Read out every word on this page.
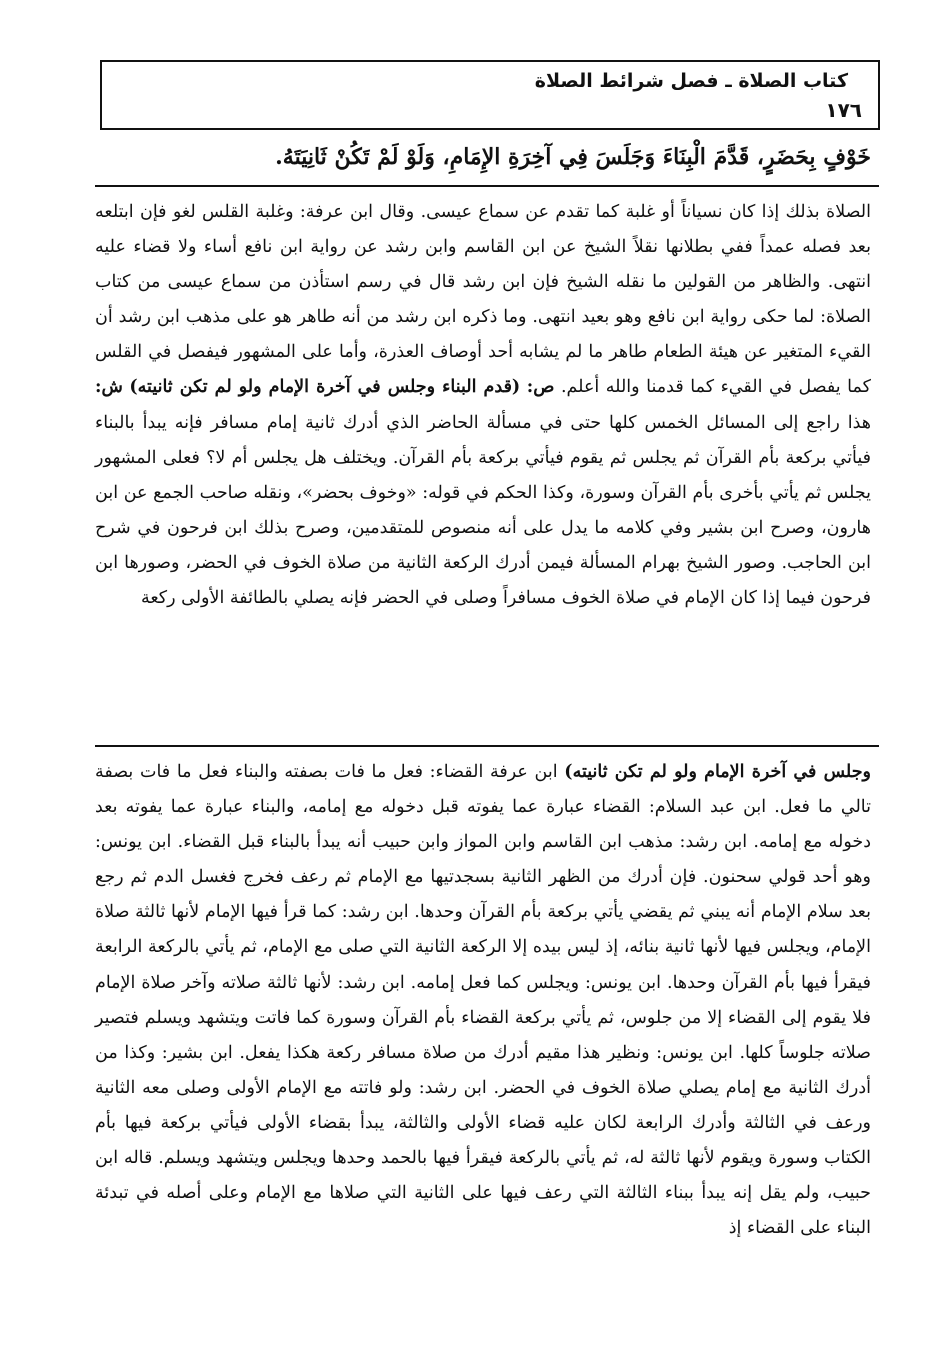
كتاب الصلاة ـ فصل شرائط الصلاة
١٧٦
خَوْفٍ بِحَضَرٍ، قَدَّمَ الْبِنَاءَ وَجَلَسَ فِي آخِرَةِ الإِمَامِ، وَلَوْ لَمْ تَكُنْ ثَانِيَتَهُ.

الصلاة بذلك إذا كان نسياناً أو غلبة كما تقدم عن سماع عيسى. وقال ابن عرفة: وغلبة القلس لغو فإن ابتلعه بعد فصله عمداً ففي بطلانها نقلاً الشيخ عن ابن القاسم وابن رشد عن رواية ابن نافع أساء ولا قضاء عليه انتهى. والظاهر من القولين ما نقله الشيخ فإن ابن رشد قال في رسم استأذن من سماع عيسى من كتاب الصلاة: لما حكى رواية ابن نافع وهو بعيد انتهى. وما ذكره ابن رشد من أنه طاهر هو على مذهب ابن رشد أن القيء المتغير عن هيئة الطعام طاهر ما لم يشابه أحد أوصاف العذرة، وأما على المشهور فيفصل في القلس كما يفصل في القيء كما قدمنا والله أعلم. ص: (قدم البناء وجلس في آخرة الإمام ولو لم تكن ثانيته) ش: هذا راجع إلى المسائل الخمس كلها حتى في مسألة الحاضر الذي أدرك ثانية إمام مسافر فإنه يبدأ بالبناء فيأتي بركعة بأم القرآن ثم يجلس ثم يقوم فيأتي بركعة بأم القرآن. ويختلف هل يجلس أم لا؟ فعلى المشهور يجلس ثم يأتي بأخرى بأم القرآن وسورة، وكذا الحكم في قوله: «وخوف بحضر»، ونقله صاحب الجمع عن ابن هارون، وصرح ابن بشير وفي كلامه ما يدل على أنه منصوص للمتقدمين، وصرح بذلك ابن فرحون في شرح ابن الحاجب. وصور الشيخ بهرام المسألة فيمن أدرك الركعة الثانية من صلاة الخوف في الحضر، وصورها ابن فرحون فيما إذا كان الإمام في صلاة الخوف مسافراً وصلى في الحضر فإنه يصلي بالطائفة الأولى ركعة

وجلس في آخرة الإمام ولو لم تكن ثانيته) ابن عرفة القضاء: فعل ما فات بصفته والبناء فعل ما فات بصفة تالي ما فعل. ابن عبد السلام: القضاء عبارة عما يفوته قبل دخوله مع إمامه، والبناء عبارة عما يفوته بعد دخوله مع إمامه. ابن رشد: مذهب ابن القاسم وابن المواز وابن حبيب أنه يبدأ بالبناء قبل القضاء. ابن يونس: وهو أحد قولي سحنون. فإن أدرك من الظهر الثانية بسجدتيها مع الإمام ثم رعف فخرج فغسل الدم ثم رجع بعد سلام الإمام أنه يبني ثم يقضي يأتي بركعة بأم القرآن وحدها. ابن رشد: كما قرأ فيها الإمام لأنها ثالثة صلاة الإمام، ويجلس فيها لأنها ثانية بنائه، إذ ليس بيده إلا الركعة الثانية التي صلى مع الإمام، ثم يأتي بالركعة الرابعة فيقرأ فيها بأم القرآن وحدها. ابن يونس: ويجلس كما فعل إمامه. ابن رشد: لأنها ثالثة صلاته وآخر صلاة الإمام فلا يقوم إلى القضاء إلا من جلوس، ثم يأتي بركعة القضاء بأم القرآن وسورة كما فاتت ويتشهد ويسلم فتصير صلاته جلوساً كلها. ابن يونس: ونظير هذا مقيم أدرك من صلاة مسافر ركعة هكذا يفعل. ابن بشير: وكذا من أدرك الثانية مع إمام يصلي صلاة الخوف في الحضر. ابن رشد: ولو فاتته مع الإمام الأولى وصلى معه الثانية ورعف في الثالثة وأدرك الرابعة لكان عليه قضاء الأولى والثالثة، يبدأ بقضاء الأولى فيأتي بركعة فيها بأم الكتاب وسورة ويقوم لأنها ثالثة له، ثم يأتي بالركعة فيقرأ فيها بالحمد وحدها ويجلس ويتشهد ويسلم. قاله ابن حبيب، ولم يقل إنه يبدأ ببناء الثالثة التي رعف فيها على الثانية التي صلاها مع الإمام وعلى أصله في تبدئة البناء على القضاء إذ
